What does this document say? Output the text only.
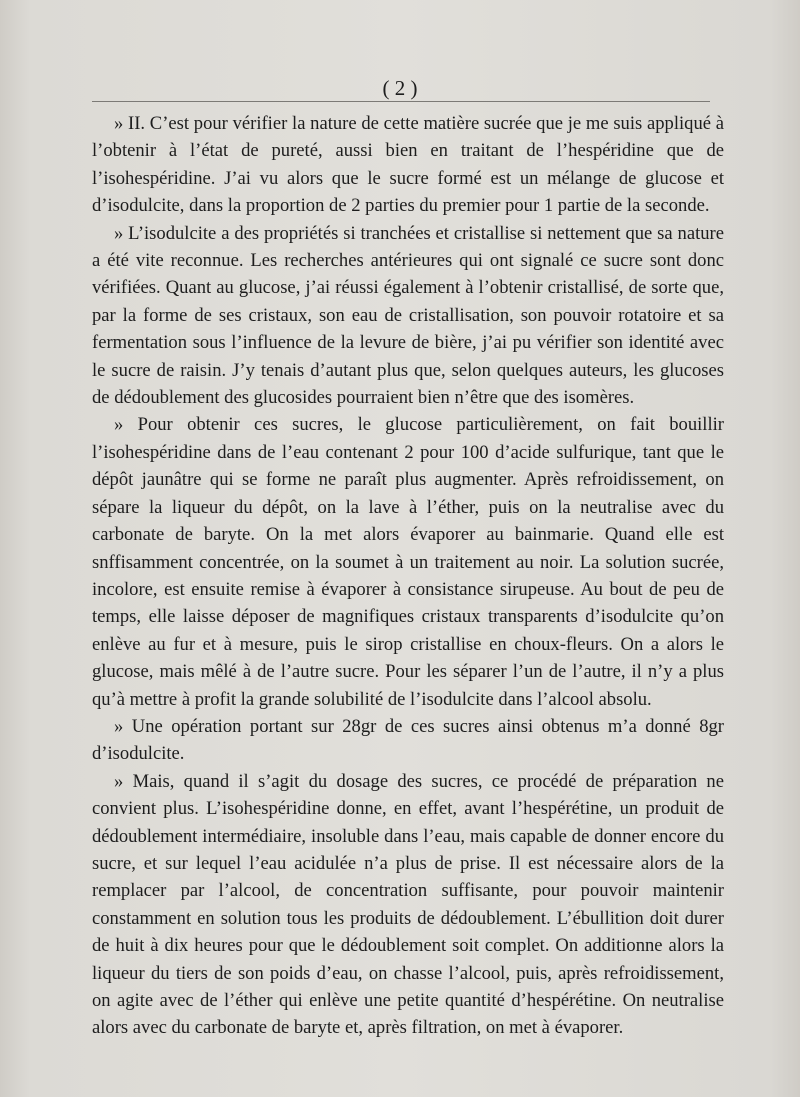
( 2 )

» II. C’est pour vérifier la nature de cette matière sucrée que je me suis appliqué à l’obtenir à l’état de pureté, aussi bien en traitant de l’hespéridine que de l’isohespéridine. J’ai vu alors que le sucre formé est un mélange de glucose et d’isodulcite, dans la proportion de 2 parties du premier pour 1 partie de la seconde.

» L’isodulcite a des propriétés si tranchées et cristallise si nettement que sa nature a été vite reconnue. Les recherches antérieures qui ont signalé ce sucre sont donc vérifiées. Quant au glucose, j’ai réussi également à l’obtenir cristallisé, de sorte que, par la forme de ses cristaux, son eau de cristallisation, son pouvoir rotatoire et sa fermentation sous l’influence de la levure de bière, j’ai pu vérifier son identité avec le sucre de raisin. J’y tenais d’autant plus que, selon quelques auteurs, les glucoses de dédoublement des glucosides pourraient bien n’être que des isomères.

» Pour obtenir ces sucres, le glucose particulièrement, on fait bouillir l’isohespéridine dans de l’eau contenant 2 pour 100 d’acide sulfurique, tant que le dépôt jaunâtre qui se forme ne paraît plus augmenter. Après refroidissement, on sépare la liqueur du dépôt, on la lave à l’éther, puis on la neutralise avec du carbonate de baryte. On la met alors évaporer au bainmarie. Quand elle est snffisamment concentrée, on la soumet à un traitement au noir. La solution sucrée, incolore, est ensuite remise à évaporer à consistance sirupeuse. Au bout de peu de temps, elle laisse déposer de magnifiques cristaux transparents d’isodulcite qu’on enlève au fur et à mesure, puis le sirop cristallise en choux-fleurs. On a alors le glucose, mais mêlé à de l’autre sucre. Pour les séparer l’un de l’autre, il n’y a plus qu’à mettre à profit la grande solubilité de l’isodulcite dans l’alcool absolu.

» Une opération portant sur 28gr de ces sucres ainsi obtenus m’a donné 8gr d’isodulcite.

» Mais, quand il s’agit du dosage des sucres, ce procédé de préparation ne convient plus. L’isohespéridine donne, en effet, avant l’hespérétine, un produit de dédoublement intermédiaire, insoluble dans l’eau, mais capable de donner encore du sucre, et sur lequel l’eau acidulée n’a plus de prise. Il est nécessaire alors de la remplacer par l’alcool, de concentration suffisante, pour pouvoir maintenir constamment en solution tous les produits de dédoublement. L’ébullition doit durer de huit à dix heures pour que le dédoublement soit complet. On additionne alors la liqueur du tiers de son poids d’eau, on chasse l’alcool, puis, après refroidissement, on agite avec de l’éther qui enlève une petite quantité d’hespérétine. On neutralise alors avec du carbonate de baryte et, après filtration, on met à évaporer.
